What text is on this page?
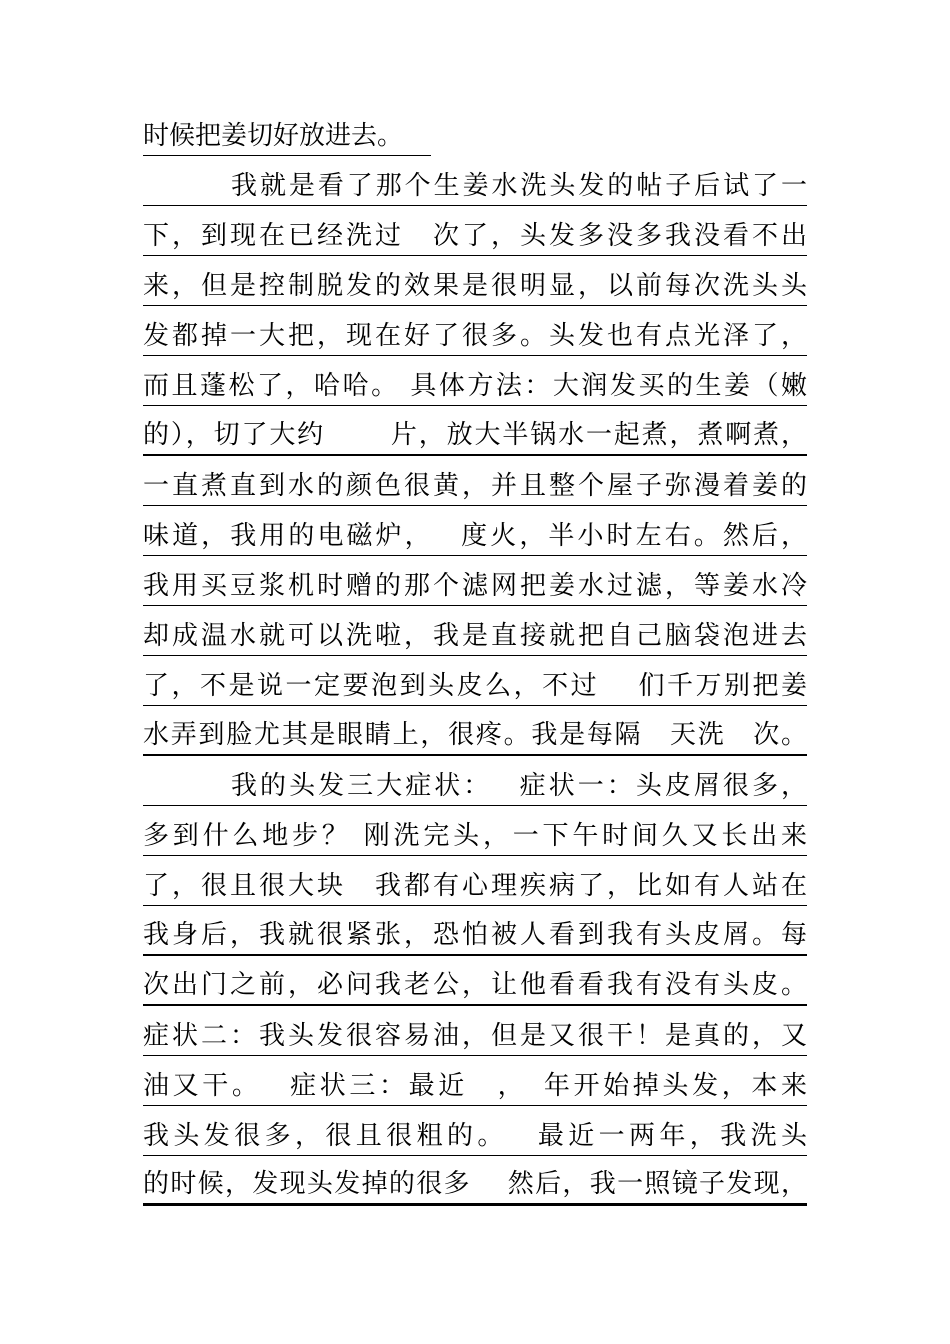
时候把姜切好放进去。
我就是看了那个生姜水洗头发的帖子后试了一
下，到现在已经洗过　次了，头发多没多我没看不出
来，但是控制脱发的效果是很明显，以前每次洗头头
发都掉一大把，现在好了很多。头发也有点光泽了，
而且蓬松了，哈哈。 具体方法：大润发买的生姜（嫩
的），切了大约　　 片，放大半锅水一起煮，煮啊煮，
一直煮直到水的颜色很黄，并且整个屋子弥漫着姜的
味道，我用的电磁炉，　 度火，半小时左右。然后，
我用买豆浆机时赠的那个滤网把姜水过滤，等姜水冷
却成温水就可以洗啦，我是直接就把自己脑袋泡进去
了，不是说一定要泡到头皮么，不过　 们千万别把姜
水弄到脸尤其是眼睛上，很疼。我是每隔　天洗　次。
我的头发三大症状：　 症状一：头皮屑很多，
多到什么地步？ 刚洗完头，一下午时间久又长出来
了，很且很大块　我都有心理疾病了，比如有人站在
我身后，我就很紧张，恐怕被人看到我有头皮屑。每
次出门之前，必问我老公，让他看看我有没有头皮。
症状二：我头发很容易油，但是又很干！是真的，又
油又干。　 症状三：最近　，　年开始掉头发，本来
我头发很多，很且很粗的。　 最近一两年，我洗头
的时候，发现头发掉的很多　 然后，我一照镜子发现，
